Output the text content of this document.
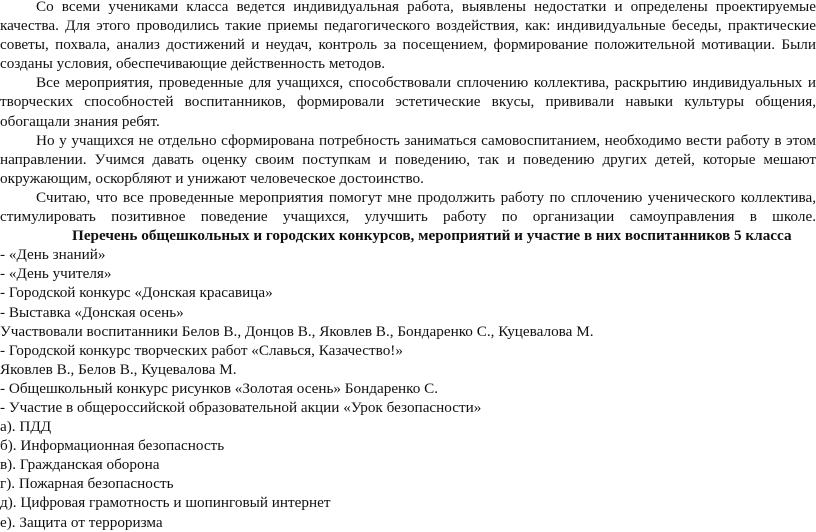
Со всеми учениками класса ведется индивидуальная работа, выявлены недостатки и определены проектируемые качества. Для этого проводились такие приемы педагогического воздействия, как: индивидуальные беседы, практические советы, похвала, анализ достижений и неудач, контроль за посещением, формирование положительной мотивации. Были созданы условия, обеспечивающие действенность методов.

Все мероприятия, проведенные для учащихся, способствовали сплочению коллектива, раскрытию индивидуальных и творческих способностей воспитанников, формировали эстетические вкусы, прививали навыки культуры общения, обогащали знания ребят.

Но у учащихся не отдельно сформирована потребность заниматься самовоспитанием, необходимо вести работу в этом направлении. Учимся давать оценку своим поступкам и поведению, так и поведению других детей, которые мешают окружающим, оскорбляют и унижают человеческое достоинство.

Считаю, что все проведенные мероприятия помогут мне продолжить работу по сплочению ученического коллектива, стимулировать позитивное поведение учащихся, улучшить работу по организации самоуправления в школе.

Перечень общешкольных и городских конкурсов, мероприятий и участие в них воспитанников 5 класса

- «День знаний»

- «День учителя»

- Городской конкурс «Донская красавица»

- Выставка «Донская осень»

Участвовали воспитанники Белов В., Донцов В., Яковлев В., Бондаренко С., Куцевалова М.

- Городской конкурс творческих работ «Славься, Казачество!»

Яковлев В., Белов В., Куцевалова М.

- Общешкольный конкурс рисунков «Золотая осень» Бондаренко С.

- Участие в общероссийской образовательной акции «Урок безопасности»

а). ПДД

б). Информационная безопасность

в). Гражданская оборона

г). Пожарная безопасность

д). Цифровая грамотность и шопинговый интернет

е). Защита от терроризма
